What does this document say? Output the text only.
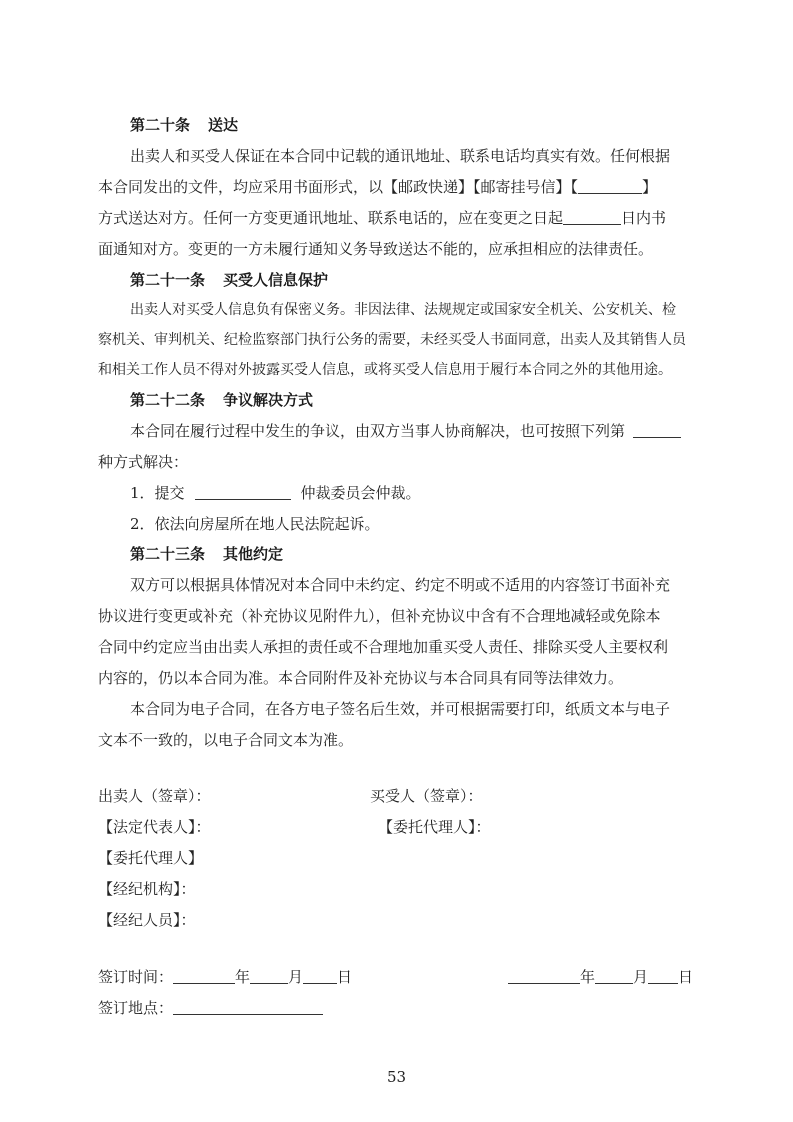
第二十条 送达
出卖人和买受人保证在本合同中记载的通讯地址、联系电话均真实有效。任何根据
本合同发出的文件，均应采用书面形式，以【邮政快递】【邮寄挂号信】【	】
方式送达对方。任何一方变更通讯地址、联系电话的，应在变更之日起	日内书
面通知对方。变更的一方未履行通知义务导致送达不能的，应承担相应的法律责任。
第二十一条 买受人信息保护
出卖人对买受人信息负有保密义务。非因法律、法规规定或国家安全机关、公安机关、检
察机关、审判机关、纪检监察部门执行公务的需要，未经买受人书面同意，出卖人及其销售人员
和相关工作人员不得对外披露买受人信息，或将买受人信息用于履行本合同之外的其他用途。
第二十二条 争议解决方式
本合同在履行过程中发生的争议，由双方当事人协商解决，也可按照下列第
种方式解决：
1．提交	仲裁委员会仲裁。
2．依法向房屋所在地人民法院起诉。
第二十三条 其他约定
双方可以根据具体情况对本合同中未约定、约定不明或不适用的内容签订书面补充
协议进行变更或补充（补充协议见附件九），但补充协议中含有不合理地减轻或免除本
合同中约定应当由出卖人承担的责任或不合理地加重买受人责任、排除买受人主要权利
内容的，仍以本合同为准。本合同附件及补充协议与本合同具有同等法律效力。
本合同为电子合同，在各方电子签名后生效，并可根据需要打印，纸质文本与电子
文本不一致的，以电子合同文本为准。
出卖人（签章）：	买受人（签章）：
【法定代表人】：	【委托代理人】：
【委托代理人】
【经纪机构】：
【经纪人员】：
签订时间：	年	月 日	年	月 日
签订地点：
53
